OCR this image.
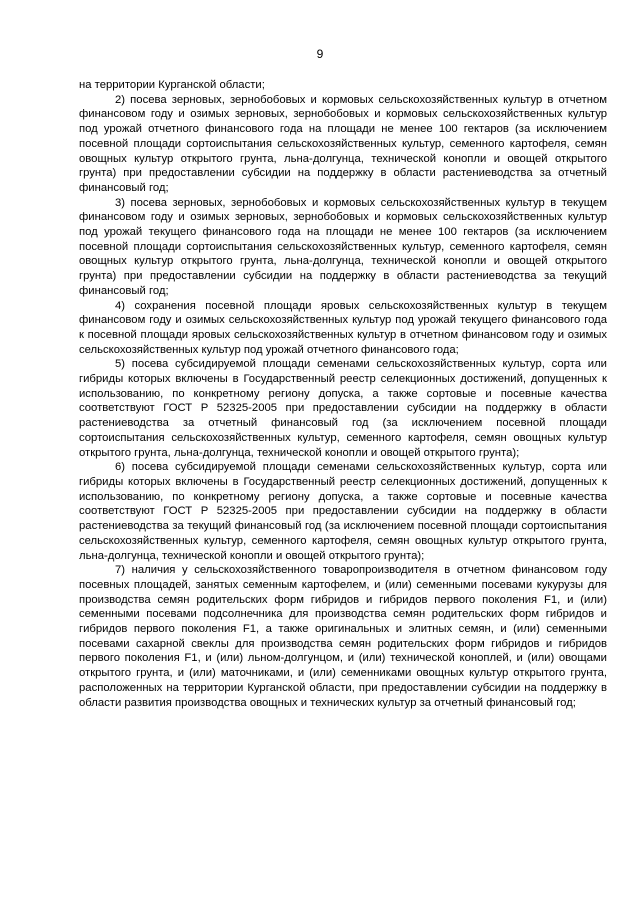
9

на территории Курганской области;

2) посева зерновых, зернобобовых и кормовых сельскохозяйственных культур в отчетном финансовом году и озимых зерновых, зернобобовых и кормовых сельскохозяйственных культур под урожай отчетного финансового года на площади не менее 100 гектаров (за исключением посевной площади сортоиспытания сельскохозяйственных культур, семенного картофеля, семян овощных культур открытого грунта, льна-долгунца, технической конопли и овощей открытого грунта) при предоставлении субсидии на поддержку в области растениеводства за отчетный финансовый год;

3) посева зерновых, зернобобовых и кормовых сельскохозяйственных культур в текущем финансовом году и озимых зерновых, зернобобовых и кормовых сельскохозяйственных культур под урожай текущего финансового года на площади не менее 100 гектаров (за исключением посевной площади сортоиспытания сельскохозяйственных культур, семенного картофеля, семян овощных культур открытого грунта, льна-долгунца, технической конопли и овощей открытого грунта) при предоставлении субсидии на поддержку в области растениеводства за текущий финансовый год;

4) сохранения посевной площади яровых сельскохозяйственных культур в текущем финансовом году и озимых сельскохозяйственных культур под урожай текущего финансового года к посевной площади яровых сельскохозяйственных культур в отчетном финансовом году и озимых сельскохозяйственных культур под урожай отчетного финансового года;

5) посева субсидируемой площади семенами сельскохозяйственных культур, сорта или гибриды которых включены в Государственный реестр селекционных достижений, допущенных к использованию, по конкретному региону допуска, а также сортовые и посевные качества соответствуют ГОСТ Р 52325-2005 при предоставлении субсидии на поддержку в области растениеводства за отчетный финансовый год (за исключением посевной площади сортоиспытания сельскохозяйственных культур, семенного картофеля, семян овощных культур открытого грунта, льна-долгунца, технической конопли и овощей открытого грунта);

6) посева субсидируемой площади семенами сельскохозяйственных культур, сорта или гибриды которых включены в Государственный реестр селекционных достижений, допущенных к использованию, по конкретному региону допуска, а также сортовые и посевные качества соответствуют ГОСТ Р 52325-2005 при предоставлении субсидии на поддержку в области растениеводства за текущий финансовый год (за исключением посевной площади сортоиспытания сельскохозяйственных культур, семенного картофеля, семян овощных культур открытого грунта, льна-долгунца, технической конопли и овощей открытого грунта);

7) наличия у сельскохозяйственного товаропроизводителя в отчетном финансовом году посевных площадей, занятых семенным картофелем, и (или) семенными посевами кукурузы для производства семян родительских форм гибридов и гибридов первого поколения F1, и (или) семенными посевами подсолнечника для производства семян родительских форм гибридов и гибридов первого поколения F1, а также оригинальных и элитных семян, и (или) семенными посевами сахарной свеклы для производства семян родительских форм гибридов и гибридов первого поколения F1, и (или) льном-долгунцом, и (или) технической коноплей, и (или) овощами открытого грунта, и (или) маточниками, и (или) семенниками овощных культур открытого грунта, расположенных на территории Курганской области, при предоставлении субсидии на поддержку в области развития производства овощных и технических культур за отчетный финансовый год;
